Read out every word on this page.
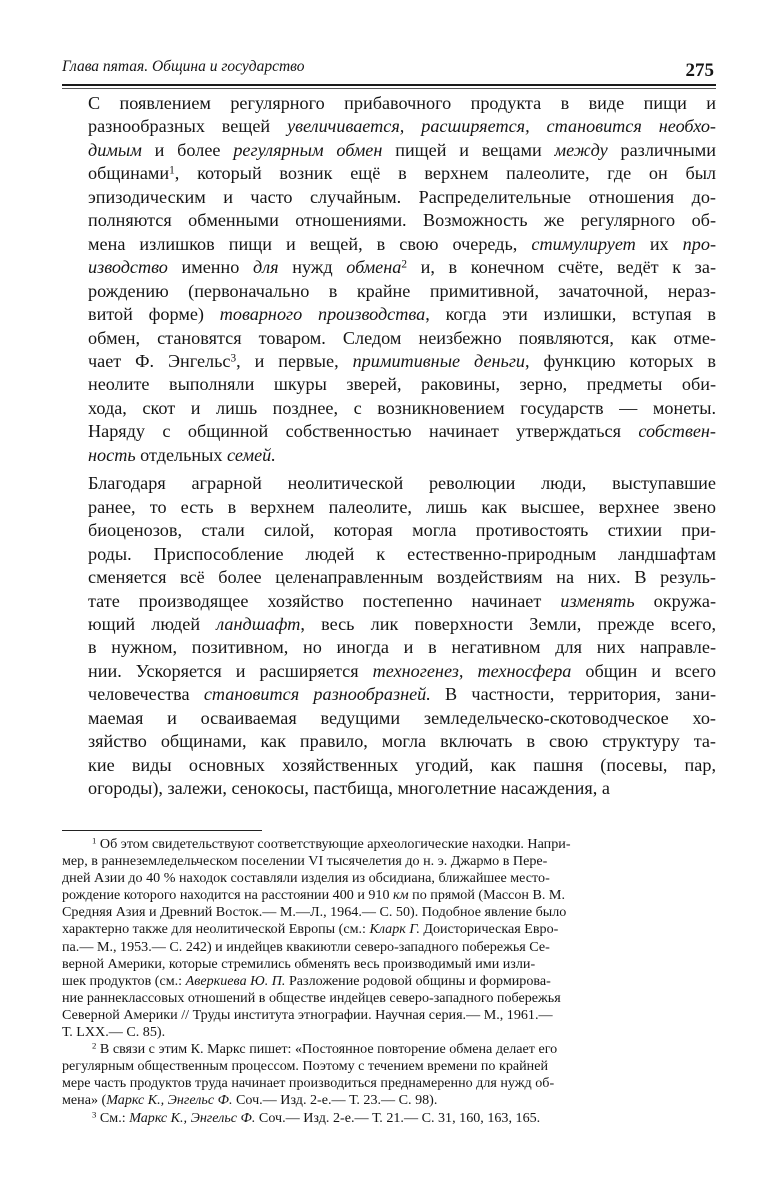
Глава пятая. Община и государство	275

С появлением регулярного прибавочного продукта в виде пищи и
разнообразных вещей увеличивается, расширяется, становится необхо-
димым и более регулярным обмен пищей и вещами между различными
общинами$^1$, который возник ещё в верхнем палеолите, где он был
эпизодическим и часто случайным. Распределительные отношения до-
полняются обменными отношениями. Возможность же регулярного об-
мена излишков пищи и вещей, в свою очередь, стимулирует их про-
изводство именно для нужд обмена$^2$ и, в конечном счёте, ведёт к за-
рождению (первоначально в крайне примитивной, зачаточной, нераз-
витой форме) товарного производства, когда эти излишки, вступая в
обмен, становятся товаром. Следом неизбежно появляются, как отме-
чает Ф. Энгельс$^3$, и первые, примитивные деньги, функцию которых в
неолите выполняли шкуры зверей, раковины, зерно, предметы оби-
хода, скот и лишь позднее, с возникновением государств — монеты.
Наряду с общинной собственностью начинает утверждаться собствен-
ность отдельных семей.

Благодаря аграрной неолитической революции люди, выступавшие
ранее, то есть в верхнем палеолите, лишь как высшее, верхнее звено
биоценозов, стали силой, которая могла противостоять стихии при-
роды. Приспособление людей к естественно-природным ландшафтам
сменяется всё более целенаправленным воздействиям на них. В резуль-
тате производящее хозяйство постепенно начинает изменять окружа-
ющий людей ландшафт, весь лик поверхности Земли, прежде всего,
в нужном, позитивном, но иногда и в негативном для них направле-
нии. Ускоряется и расширяется техногенез, техносфера общин и всего
человечества становится разнообразней. В частности, территория, зани-
маемая и осваиваемая ведущими земледельческо-скотоводческое хо-
зяйство общинами, как правило, могла включать в свою структуру та-
кие виды основных хозяйственных угодий, как пашня (посевы, пар,
огороды), залежи, сенокосы, пастбища, многолетние насаждения, а

$^1$ Об этом свидетельствуют соответствующие археологические находки. Напри-
мер, в раннеземледельческом поселении VI тысячелетия до н. э. Джармо в Пере-
дней Азии до 40 % находок составляли изделия из обсидиана, ближайшее место-
рождение которого находится на расстоянии 400 и 910 км по прямой (Массон В. М.
Средняя Азия и Древний Восток.— М.—Л., 1964.— С. 50). Подобное явление было
характерно также для неолитической Европы (см.: Кларк Г. Доисторическая Евро-
па.— М., 1953.— С. 242) и индейцев квакиютли северо-западного побережья Се-
верной Америки, которые стремились обменять весь производимый ими изли-
шек продуктов (см.: Аверкиева Ю. П. Разложение родовой общины и формирова-
ние раннеклассовых отношений в обществе индейцев северо-западного побережья
Северной Америки // Труды института этнографии. Научная серия.— М., 1961.—
Т. LXX.— С. 85).

$^2$ В связи с этим К. Маркс пишет: «Постоянное повторение обмена делает его
регулярным общественным процессом. Поэтому с течением времени по крайней
мере часть продуктов труда начинает производиться преднамеренно для нужд об-
мена» (Маркс К., Энгельс Ф. Соч.— Изд. 2-е.— Т. 23.— С. 98).

$^3$ См.: Маркс К., Энгельс Ф. Соч.— Изд. 2-е.— Т. 21.— С. 31, 160, 163, 165.
